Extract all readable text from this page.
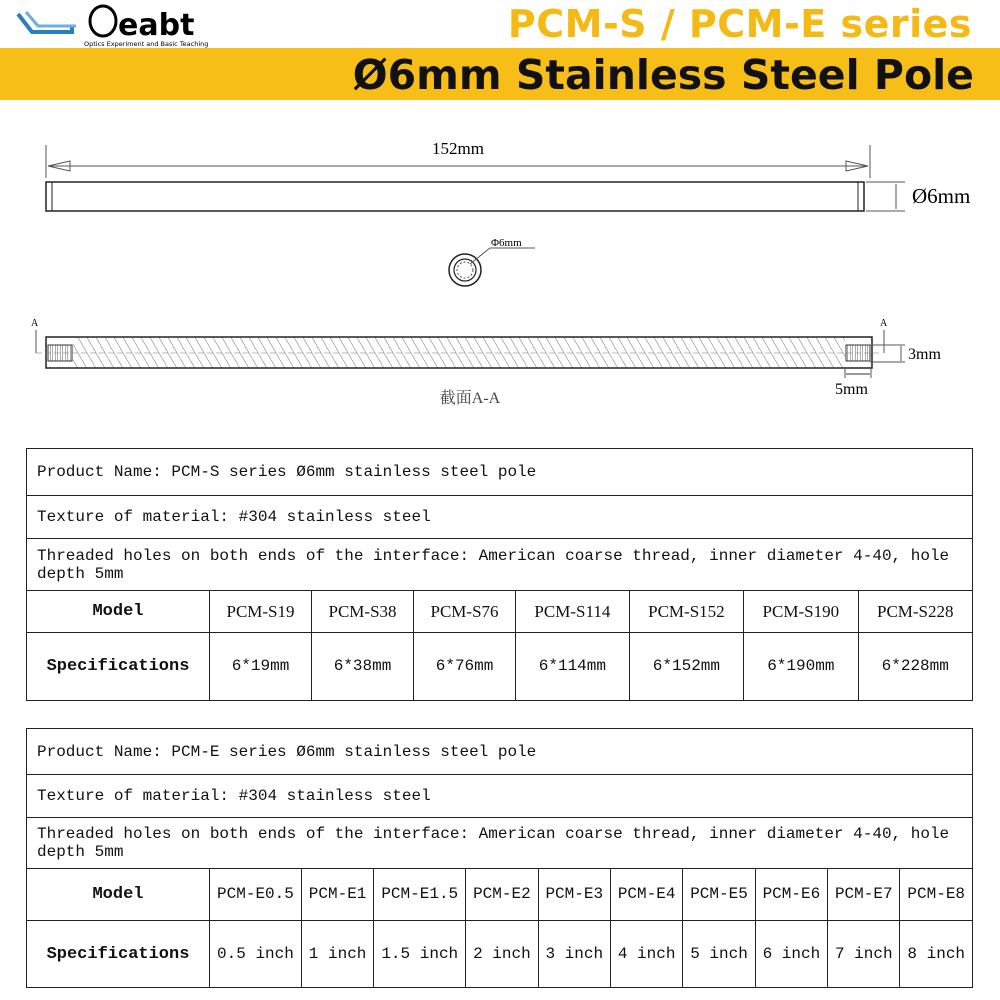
eabt
Optics Experiment and Basic Teaching	PCM-S / PCM-E series
Ø6mm Stainless Steel Pole
152mm
Ø6mm
Φ6mm
A	A
3mm
5mm
截面A-A
Product Name: PCM-S series Ø6mm stainless steel pole							
Texture of material: #304 stainless steel							
Threaded holes on both ends of the interface: American coarse thread, inner diameter 4-40, hole depth 5mm							
Model	PCM-S19	PCM-S38	PCM-S76	PCM-S114	PCM-S152	PCM-S190	PCM-S228
Specifications	6*19mm	6*38mm	6*76mm	6*114mm	6*152mm	6*190mm	6*228mm
Product Name: PCM-E series Ø6mm stainless steel pole										
Texture of material: #304 stainless steel										
Threaded holes on both ends of the interface: American coarse thread, inner diameter 4-40, hole depth 5mm										
Model	PCM-E0.5	PCM-E1	PCM-E1.5	PCM-E2	PCM-E3	PCM-E4	PCM-E5	PCM-E6	PCM-E7	PCM-E8
Specifications	0.5 inch	1 inch	1.5 inch	2 inch	3 inch	4 inch	5 inch	6 inch	7 inch	8 inch
